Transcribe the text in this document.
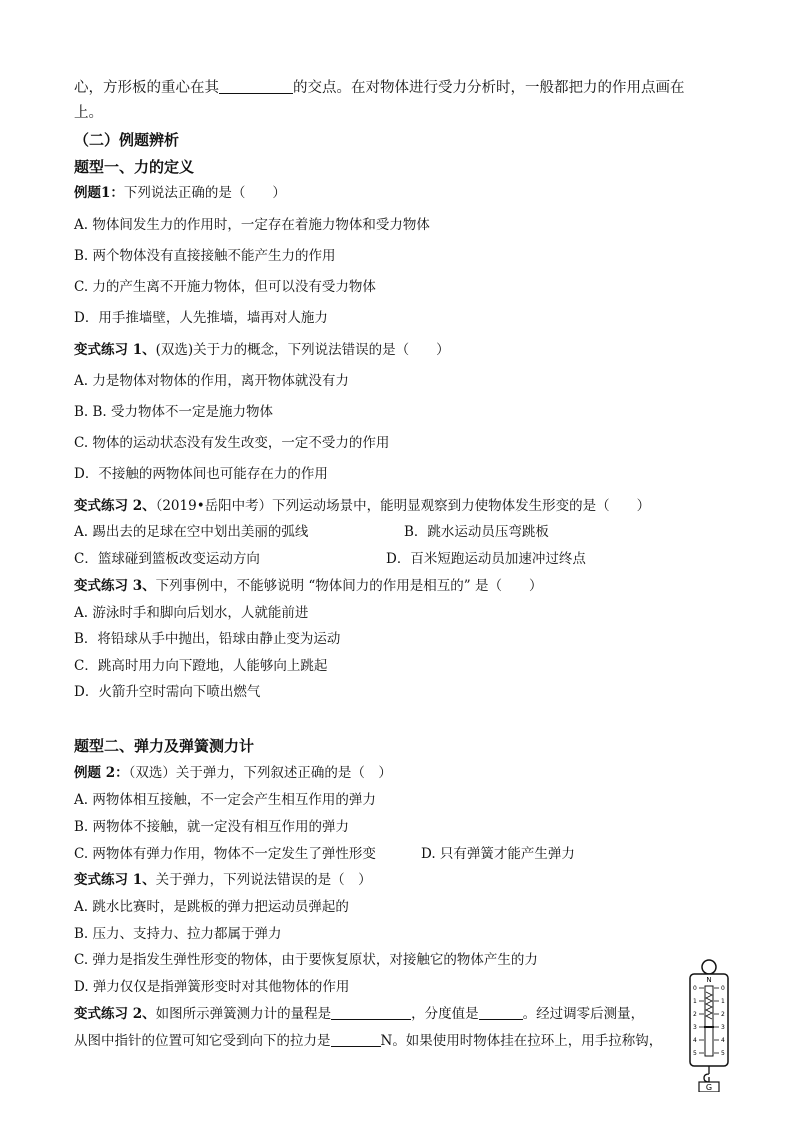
心，方形板的重心在其	的交点。在对物体进行受力分析时，一般都把力的作用点画在
上。
（二）例题辨析
题型一、力的定义
例题1：下列说法正确的是（　　）
A. 物体间发生力的作用时，一定存在着施力物体和受力物体
B. 两个物体没有直接接触不能产生力的作用
C. 力的产生离不开施力物体，但可以没有受力物体
D．用手推墙壁，人先推墙，墙再对人施力
变式练习 1、(双选)关于力的概念，下列说法错误的是（　　）
A. 力是物体对物体的作用，离开物体就没有力
B. B. 受力物体不一定是施力物体
C. 物体的运动状态没有发生改变，一定不受力的作用
D．不接触的两物体间也可能存在力的作用
变式练习 2、（2019•岳阳中考）下列运动场景中，能明显观察到力使物体发生形变的是（　　）
A. 踢出去的足球在空中划出美丽的弧线	B．跳水运动员压弯跳板
C．篮球碰到篮板改变运动方向	D．百米短跑运动员加速冲过终点
变式练习 3、下列事例中，不能够说明 “物体间力的作用是相互的” 是（　　）
A. 游泳时手和脚向后划水，人就能前进
B．将铅球从手中抛出，铅球由静止变为运动
C．跳高时用力向下蹬地，人能够向上跳起
D．火箭升空时需向下喷出燃气
题型二、弹力及弹簧测力计
例题 2：（双选）关于弹力，下列叙述正确的是（　）
A. 两物体相互接触，不一定会产生相互作用的弹力
B. 两物体不接触，就一定没有相互作用的弹力
C. 两物体有弹力作用，物体不一定发生了弹性形变	D. 只有弹簧才能产生弹力
变式练习 1、关于弹力，下列说法错误的是（　）
A. 跳水比赛时，是跳板的弹力把运动员弹起的
B. 压力、支持力、拉力都属于弹力
C. 弹力是指发生弹性形变的物体，由于要恢复原状，对接触它的物体产生的力
D. 弹力仅仅是指弹簧形变时对其他物体的作用
变式练习 2、如图所示弹簧测力计的量程是	，分度值是	。经过调零后测量，
从图中指针的位置可知它受到向下的拉力是	N。如果使用时物体挂在拉环上，用手拉称钩，
N
0
1
2
3
4
5
0
1
2
3
4
5
G
